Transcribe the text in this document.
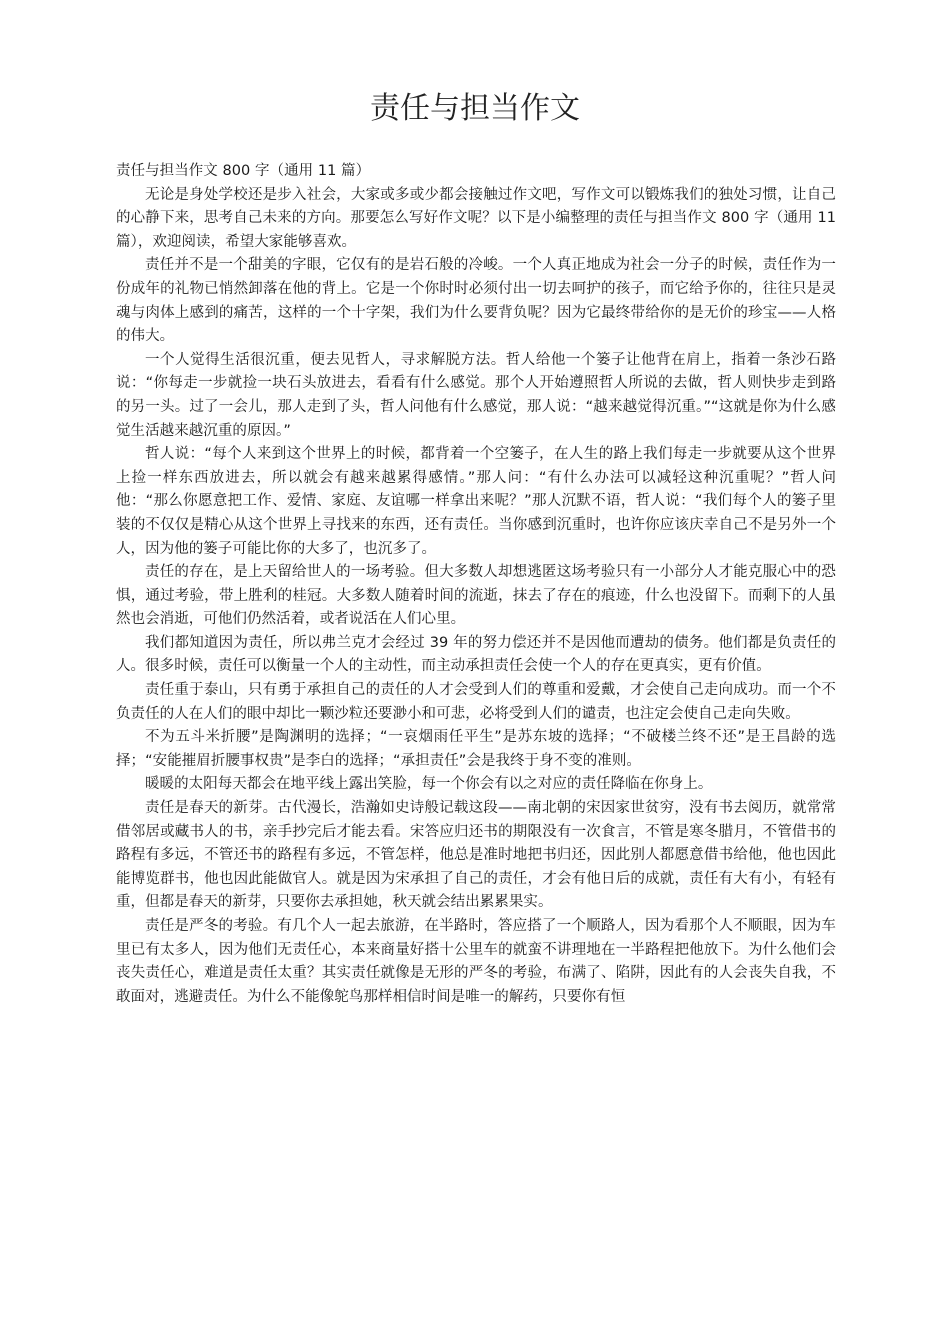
责任与担当作文

责任与担当作文 800 字（通用 11 篇）

无论是身处学校还是步入社会，大家或多或少都会接触过作文吧，写作文可以锻炼我们的独处习惯，让自己的心静下来，思考自己未来的方向。那要怎么写好作文呢？以下是小编整理的责任与担当作文 800 字（通用 11 篇），欢迎阅读，希望大家能够喜欢。

责任并不是一个甜美的字眼，它仅有的是岩石般的冷峻。一个人真正地成为社会一分子的时候，责任作为一份成年的礼物已悄然卸落在他的背上。它是一个你时时必须付出一切去呵护的孩子，而它给予你的，往往只是灵魂与肉体上感到的痛苦，这样的一个十字架，我们为什么要背负呢？因为它最终带给你的是无价的珍宝——人格的伟大。

一个人觉得生活很沉重，便去见哲人，寻求解脱方法。哲人给他一个篓子让他背在肩上，指着一条沙石路说：“你每走一步就捡一块石头放进去，看看有什么感觉。那个人开始遵照哲人所说的去做，哲人则快步走到路的另一头。过了一会儿，那人走到了头，哲人问他有什么感觉，那人说：“越来越觉得沉重。”“这就是你为什么感觉生活越来越沉重的原因。”

哲人说：“每个人来到这个世界上的时候，都背着一个空篓子，在人生的路上我们每走一步就要从这个世界上捡一样东西放进去，所以就会有越来越累得感情。”那人问：“有什么办法可以减轻这种沉重呢？”哲人问他：“那么你愿意把工作、爱情、家庭、友谊哪一样拿出来呢？”那人沉默不语，哲人说：“我们每个人的篓子里装的不仅仅是精心从这个世界上寻找来的东西，还有责任。当你感到沉重时，也许你应该庆幸自己不是另外一个人，因为他的篓子可能比你的大多了，也沉多了。

责任的存在，是上天留给世人的一场考验。但大多数人却想逃匿这场考验只有一小部分人才能克服心中的恐惧，通过考验，带上胜利的桂冠。大多数人随着时间的流逝，抹去了存在的痕迹，什么也没留下。而剩下的人虽然也会消逝，可他们仍然活着，或者说活在人们心里。

我们都知道因为责任，所以弗兰克才会经过 39 年的努力偿还并不是因他而遭劫的债务。他们都是负责任的人。很多时候，责任可以衡量一个人的主动性，而主动承担责任会使一个人的存在更真实，更有价值。

责任重于泰山，只有勇于承担自己的责任的人才会受到人们的尊重和爱戴，才会使自己走向成功。而一个不负责任的人在人们的眼中却比一颗沙粒还要渺小和可悲，必将受到人们的谴责，也注定会使自己走向失败。

不为五斗米折腰”是陶渊明的选择；“一哀烟雨任平生”是苏东坡的选择；“不破楼兰终不还”是王昌龄的选择；“安能摧眉折腰事权贵”是李白的选择；“承担责任”会是我终于身不变的准则。

暖暖的太阳每天都会在地平线上露出笑脸，每一个你会有以之对应的责任降临在你身上。

责任是春天的新芽。古代漫长，浩瀚如史诗般记载这段——南北朝的宋因家世贫穷，没有书去阅历，就常常借邻居或藏书人的书，亲手抄完后才能去看。宋答应归还书的期限没有一次食言，不管是寒冬腊月，不管借书的路程有多远，不管还书的路程有多远，不管怎样，他总是准时地把书归还，因此别人都愿意借书给他，他也因此能博览群书，他也因此能做官人。就是因为宋承担了自己的责任，才会有他日后的成就，责任有大有小，有轻有重，但都是春天的新芽，只要你去承担她，秋天就会结出累累果实。

责任是严冬的考验。有几个人一起去旅游，在半路时，答应搭了一个顺路人，因为看那个人不顺眼，因为车里已有太多人，因为他们无责任心，本来商量好搭十公里车的就蛮不讲理地在一半路程把他放下。为什么他们会丧失责任心，难道是责任太重？其实责任就像是无形的严冬的考验，布满了、陷阱，因此有的人会丧失自我，不敢面对，逃避责任。为什么不能像鸵鸟那样相信时间是唯一的解药，只要你有恒
